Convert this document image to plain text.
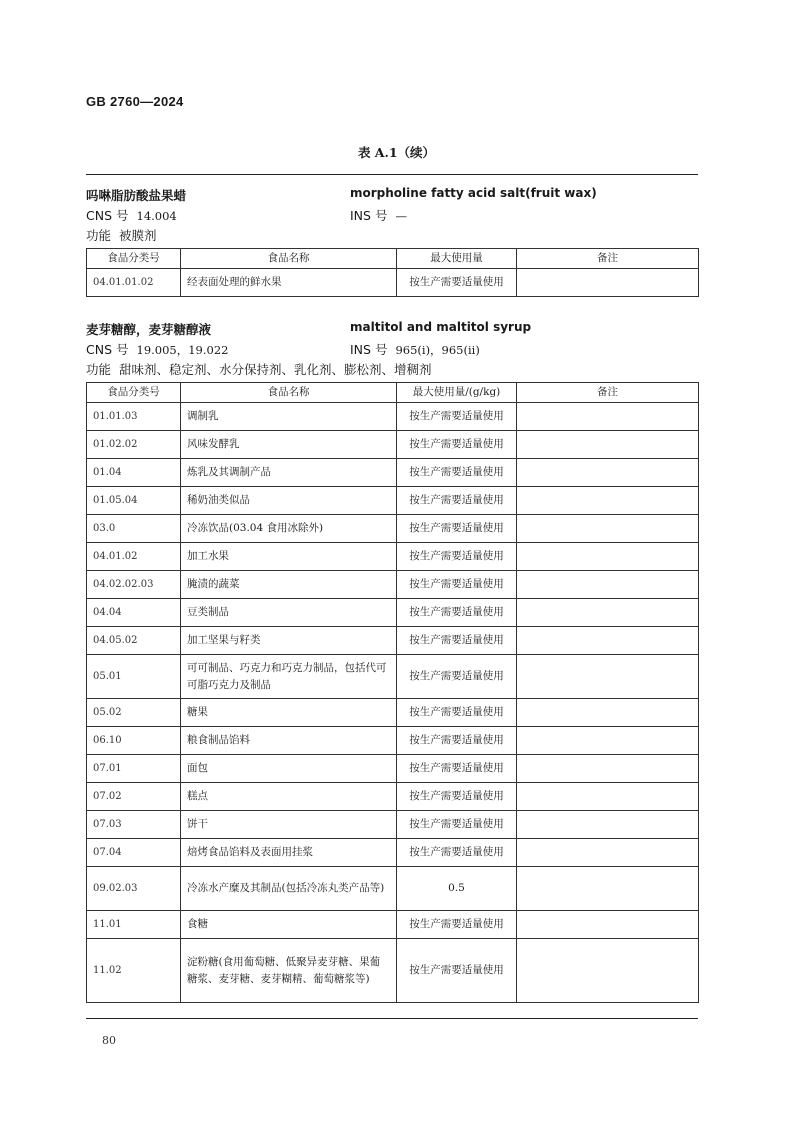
GB 2760—2024
表 A.1（续）
吗啉脂肪酸盐果蜡	morpholine fatty acid salt(fruit wax)
CNS 号 14.004	INS 号 —
功能 被膜剂
食品分类号	食品名称	最大使用量	备注
04.01.01.02	经表面处理的鲜水果	按生产需要适量使用	
麦芽糖醇，麦芽糖醇液	maltitol and maltitol syrup
CNS 号 19.005，19.022	INS 号 965(i)，965(ii)
功能 甜味剂、稳定剂、水分保持剂、乳化剂、膨松剂、增稠剂
食品分类号	食品名称	最大使用量/(g/kg)	备注
01.01.03	调制乳	按生产需要适量使用	
01.02.02	风味发酵乳	按生产需要适量使用	
01.04	炼乳及其调制产品	按生产需要适量使用	
01.05.04	稀奶油类似品	按生产需要适量使用	
03.0	冷冻饮品(03.04 食用冰除外)	按生产需要适量使用	
04.01.02	加工水果	按生产需要适量使用	
04.02.02.03	腌渍的蔬菜	按生产需要适量使用	
04.04	豆类制品	按生产需要适量使用	
04.05.02	加工坚果与籽类	按生产需要适量使用	
05.01	可可制品、巧克力和巧克力制品，包括代可可脂巧克力及制品	按生产需要适量使用	
05.02	糖果	按生产需要适量使用	
06.10	粮食制品馅料	按生产需要适量使用	
07.01	面包	按生产需要适量使用	
07.02	糕点	按生产需要适量使用	
07.03	饼干	按生产需要适量使用	
07.04	焙烤食品馅料及表面用挂浆	按生产需要适量使用	
09.02.03	冷冻水产糜及其制品(包括冷冻丸类产品等)	0.5	
11.01	食糖	按生产需要适量使用	
11.02	淀粉糖(食用葡萄糖、低聚异麦芽糖、果葡糖浆、麦芽糖、麦芽糊精、葡萄糖浆等)	按生产需要适量使用	
80
